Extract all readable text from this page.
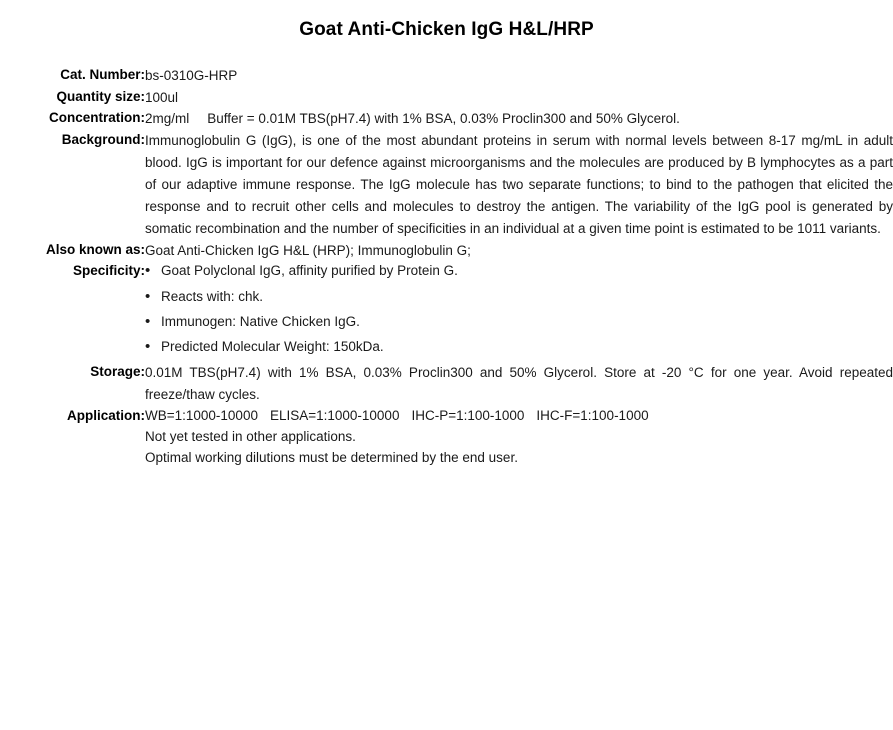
Goat Anti-Chicken IgG H&L/HRP
Cat. Number:	bs-0310G-HRP
Quantity size:	100ul
Concentration:	2mg/ml Buffer = 0.01M TBS(pH7.4) with 1% BSA, 0.03% Proclin300 and 50% Glycerol.
Background:	Immunoglobulin G (IgG), is one of the most abundant proteins in serum with normal levels between 8-17 mg/mL in adult blood. IgG is important for our defence against microorganisms and the molecules are produced by B lymphocytes as a part of our adaptive immune response. The IgG molecule has two separate functions; to bind to the pathogen that elicited the response and to recruit other cells and molecules to destroy the antigen. The variability of the IgG pool is generated by somatic recombination and the number of specificities in an individual at a given time point is estimated to be 1011 variants.
Also known as:	Goat Anti-Chicken IgG H&L (HRP); Immunoglobulin G;
Specificity:	
•Goat Polyclonal IgG, affinity purified by Protein G.
• Reacts with: chk.
• Immunogen: Native Chicken IgG.
• Predicted Molecular Weight: 150kDa.

Storage:	0.01M TBS(pH7.4) with 1% BSA, 0.03% Proclin300 and 50% Glycerol. Store at -20 °C for one year. Avoid repeated freeze/thaw cycles.
Application:	WB=1:1000-10000 ELISA=1:1000-10000 IHC-P=1:100-1000 IHC-F=1:100-1000
Not yet tested in other applications.
Optimal working dilutions must be determined by the end user.
